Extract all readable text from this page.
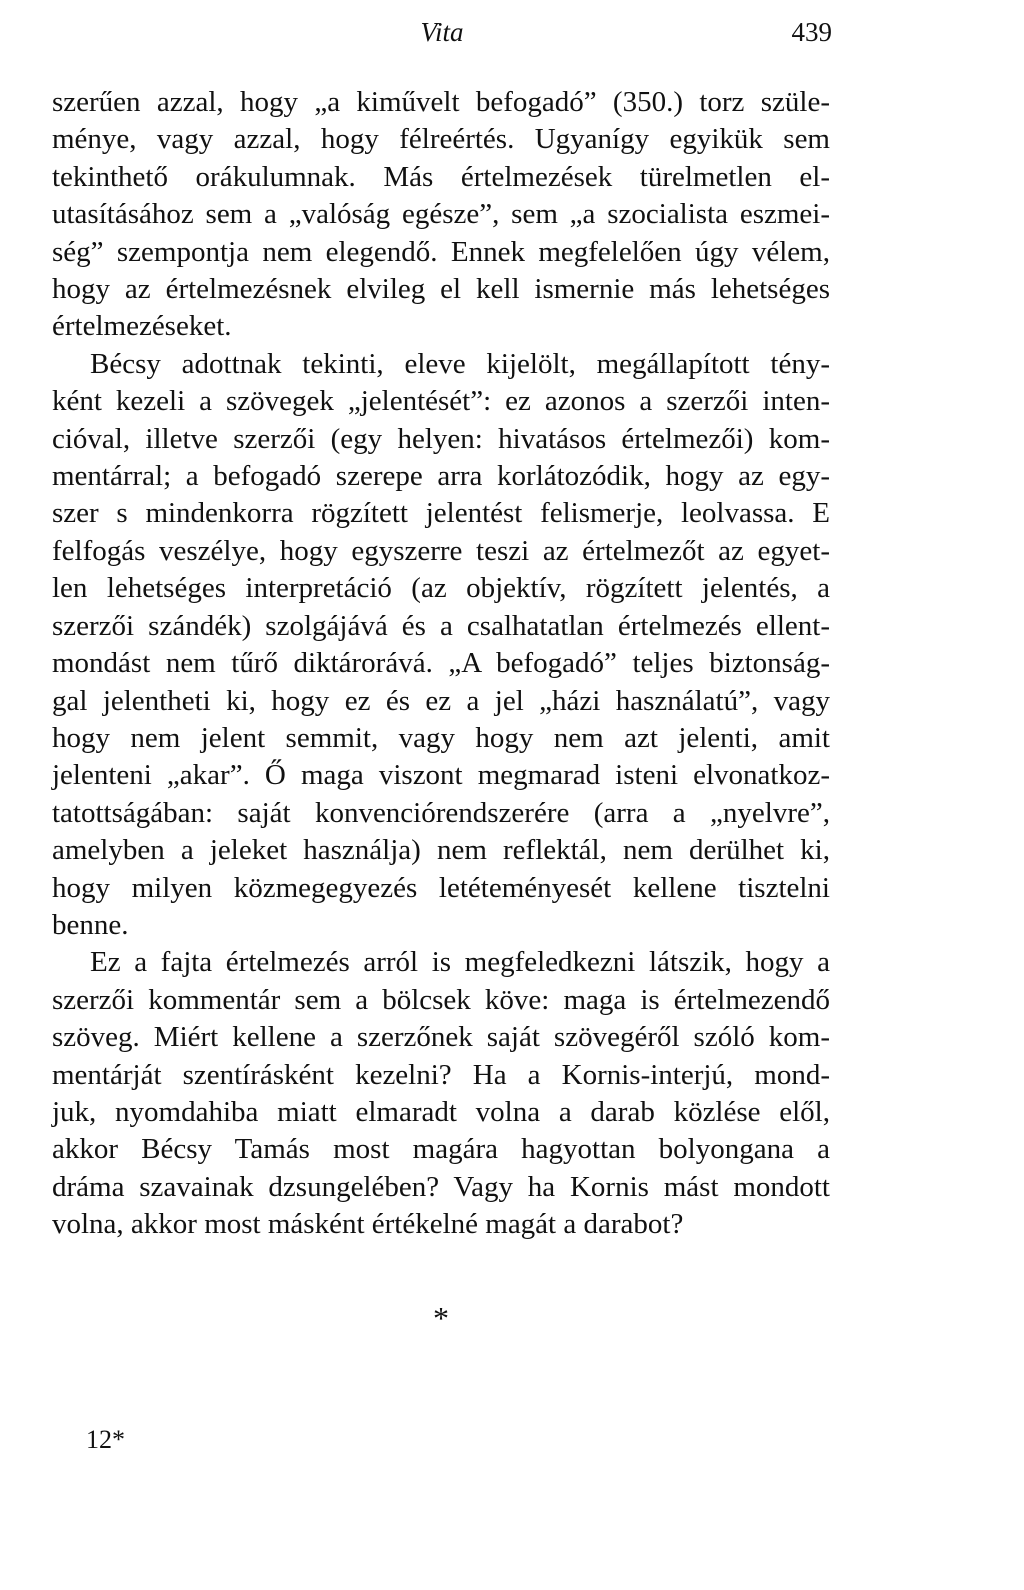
Vita	439

szerűen azzal, hogy „a kiművelt befogadó” (350.) torz szüle-
ménye, vagy azzal, hogy félreértés. Ugyanígy egyikük sem
tekinthető orákulumnak. Más értelmezések türelmetlen el-
utasításához sem a „valóság egésze”, sem „a szocialista eszmei-
ség” szempontja nem elegendő. Ennek megfelelően úgy vélem,
hogy az értelmezésnek elvileg el kell ismernie más lehetséges
értelmezéseket.

Bécsy adottnak tekinti, eleve kijelölt, megállapított tény-
ként kezeli a szövegek „jelentését”: ez azonos a szerzői inten-
cióval, illetve szerzői (egy helyen: hivatásos értelmezői) kom-
mentárral; a befogadó szerepe arra korlátozódik, hogy az egy-
szer s mindenkorra rögzített jelentést felismerje, leolvassa. E
felfogás veszélye, hogy egyszerre teszi az értelmezőt az egyet-
len lehetséges interpretáció (az objektív, rögzített jelentés, a
szerzői szándék) szolgájává és a csalhatatlan értelmezés ellent-
mondást nem tűrő diktárorává. „A befogadó” teljes biztonság-
gal jelentheti ki, hogy ez és ez a jel „házi használatú”, vagy
hogy nem jelent semmit, vagy hogy nem azt jelenti, amit
jelenteni „akar”. Ő maga viszont megmarad isteni elvonatkoz-
tatottságában: saját konvenciórendszerére (arra a „nyelvre”,
amelyben a jeleket használja) nem reflektál, nem derülhet ki,
hogy milyen közmegegyezés letéteményesét kellene tisztelni
benne.

Ez a fajta értelmezés arról is megfeledkezni látszik, hogy a
szerzői kommentár sem a bölcsek köve: maga is értelmezendő
szöveg. Miért kellene a szerzőnek saját szövegéről szóló kom-
mentárját szentírásként kezelni? Ha a Kornis-interjú, mond-
juk, nyomdahiba miatt elmaradt volna a darab közlése elől,
akkor Bécsy Tamás most magára hagyottan bolyongana a
dráma szavainak dzsungelében? Vagy ha Kornis mást mondott
volna, akkor most másként értékelné magát a darabot?

*
12*
